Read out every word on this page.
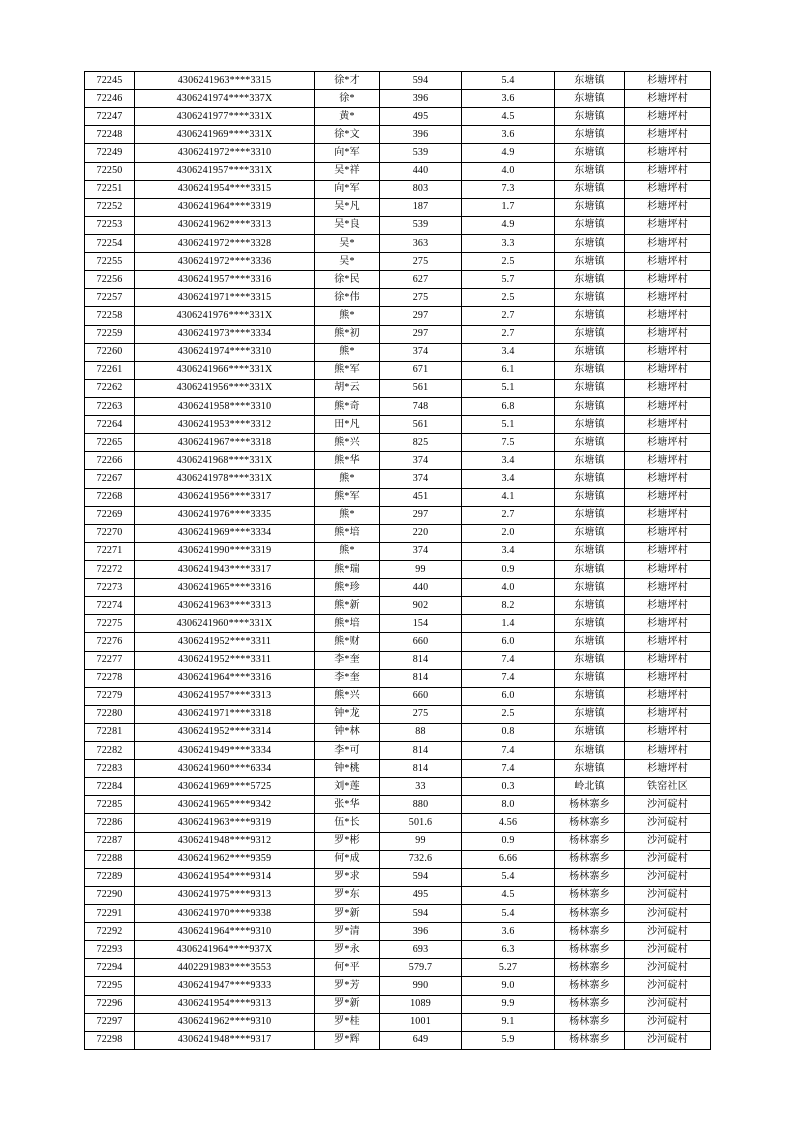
72245	4306241963****3315	徐*才	594	5.4	东塘镇	杉塘坪村
72246	4306241974****337X	徐*	396	3.6	东塘镇	杉塘坪村
72247	4306241977****331X	黄*	495	4.5	东塘镇	杉塘坪村
72248	4306241969****331X	徐*文	396	3.6	东塘镇	杉塘坪村
72249	4306241972****3310	向*军	539	4.9	东塘镇	杉塘坪村
72250	4306241957****331X	吴*祥	440	4.0	东塘镇	杉塘坪村
72251	4306241954****3315	向*军	803	7.3	东塘镇	杉塘坪村
72252	4306241964****3319	吴*凡	187	1.7	东塘镇	杉塘坪村
72253	4306241962****3313	吴*良	539	4.9	东塘镇	杉塘坪村
72254	4306241972****3328	吴*	363	3.3	东塘镇	杉塘坪村
72255	4306241972****3336	吴*	275	2.5	东塘镇	杉塘坪村
72256	4306241957****3316	徐*民	627	5.7	东塘镇	杉塘坪村
72257	4306241971****3315	徐*伟	275	2.5	东塘镇	杉塘坪村
72258	4306241976****331X	熊*	297	2.7	东塘镇	杉塘坪村
72259	4306241973****3334	熊*初	297	2.7	东塘镇	杉塘坪村
72260	4306241974****3310	熊*	374	3.4	东塘镇	杉塘坪村
72261	4306241966****331X	熊*军	671	6.1	东塘镇	杉塘坪村
72262	4306241956****331X	胡*云	561	5.1	东塘镇	杉塘坪村
72263	4306241958****3310	熊*奇	748	6.8	东塘镇	杉塘坪村
72264	4306241953****3312	田*凡	561	5.1	东塘镇	杉塘坪村
72265	4306241967****3318	熊*兴	825	7.5	东塘镇	杉塘坪村
72266	4306241968****331X	熊*华	374	3.4	东塘镇	杉塘坪村
72267	4306241978****331X	熊*	374	3.4	东塘镇	杉塘坪村
72268	4306241956****3317	熊*军	451	4.1	东塘镇	杉塘坪村
72269	4306241976****3335	熊*	297	2.7	东塘镇	杉塘坪村
72270	4306241969****3334	熊*培	220	2.0	东塘镇	杉塘坪村
72271	4306241990****3319	熊*	374	3.4	东塘镇	杉塘坪村
72272	4306241943****3317	熊*瑞	99	0.9	东塘镇	杉塘坪村
72273	4306241965****3316	熊*珍	440	4.0	东塘镇	杉塘坪村
72274	4306241963****3313	熊*新	902	8.2	东塘镇	杉塘坪村
72275	4306241960****331X	熊*培	154	1.4	东塘镇	杉塘坪村
72276	4306241952****3311	熊*财	660	6.0	东塘镇	杉塘坪村
72277	4306241952****3311	李*奎	814	7.4	东塘镇	杉塘坪村
72278	4306241964****3316	李*奎	814	7.4	东塘镇	杉塘坪村
72279	4306241957****3313	熊*兴	660	6.0	东塘镇	杉塘坪村
72280	4306241971****3318	钟*龙	275	2.5	东塘镇	杉塘坪村
72281	4306241952****3314	钟*林	88	0.8	东塘镇	杉塘坪村
72282	4306241949****3334	李*可	814	7.4	东塘镇	杉塘坪村
72283	4306241960****6334	钟*桃	814	7.4	东塘镇	杉塘坪村
72284	4306241969****5725	刘*莲	33	0.3	岭北镇	铁窑社区
72285	4306241965****9342	张*华	880	8.0	杨林寨乡	沙河碇村
72286	4306241963****9319	伍*长	501.6	4.56	杨林寨乡	沙河碇村
72287	4306241948****9312	罗*彬	99	0.9	杨林寨乡	沙河碇村
72288	4306241962****9359	何*成	732.6	6.66	杨林寨乡	沙河碇村
72289	4306241954****9314	罗*求	594	5.4	杨林寨乡	沙河碇村
72290	4306241975****9313	罗*东	495	4.5	杨林寨乡	沙河碇村
72291	4306241970****9338	罗*新	594	5.4	杨林寨乡	沙河碇村
72292	4306241964****9310	罗*清	396	3.6	杨林寨乡	沙河碇村
72293	4306241964****937X	罗*永	693	6.3	杨林寨乡	沙河碇村
72294	4402291983****3553	何*平	579.7	5.27	杨林寨乡	沙河碇村
72295	4306241947****9333	罗*芳	990	9.0	杨林寨乡	沙河碇村
72296	4306241954****9313	罗*新	1089	9.9	杨林寨乡	沙河碇村
72297	4306241962****9310	罗*桂	1001	9.1	杨林寨乡	沙河碇村
72298	4306241948****9317	罗*辉	649	5.9	杨林寨乡	沙河碇村
